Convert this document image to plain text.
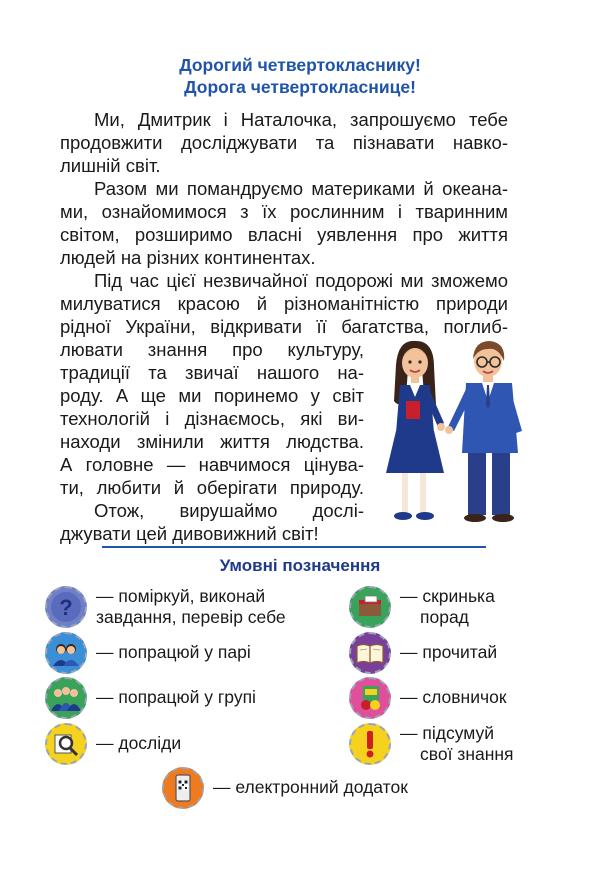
Дорогий четвертокласнику!
Дорога четвертокласнице!
Ми, Дмитрик і Наталочка, запрошуємо тебе
продовжити досліджувати та пізнавати навко-
лишній світ.
Разом ми помандруємо материками й океана-
ми, ознайомимося з їх рослинним і тваринним
світом, розширимо власні уявлення про життя
людей на різних континентах.
Під час цієї незвичайної подорожі ми зможемо
милуватися красою й різноманітністю природи
рідної України, відкривати її багатства, поглиб-
лювати знання про культуру,
традиції та звичаї нашого на-
роду. А ще ми поринемо у світ
технологій і дізнаємось, які ви-
находи змінили життя людства.
А головне — навчимося цінува-
ти, любити й оберігати природу.
Отож, вирушаймо дослі-
джувати цей дивовижний світ!
Умовні позначення
? — поміркуй, виконай
завдання, перевір себе
— попрацюй у парі
— попрацюй у групі
— досліди
— скринька
порад
— прочитай
— словничок
— підсумуй
свої знання
— електронний додаток
